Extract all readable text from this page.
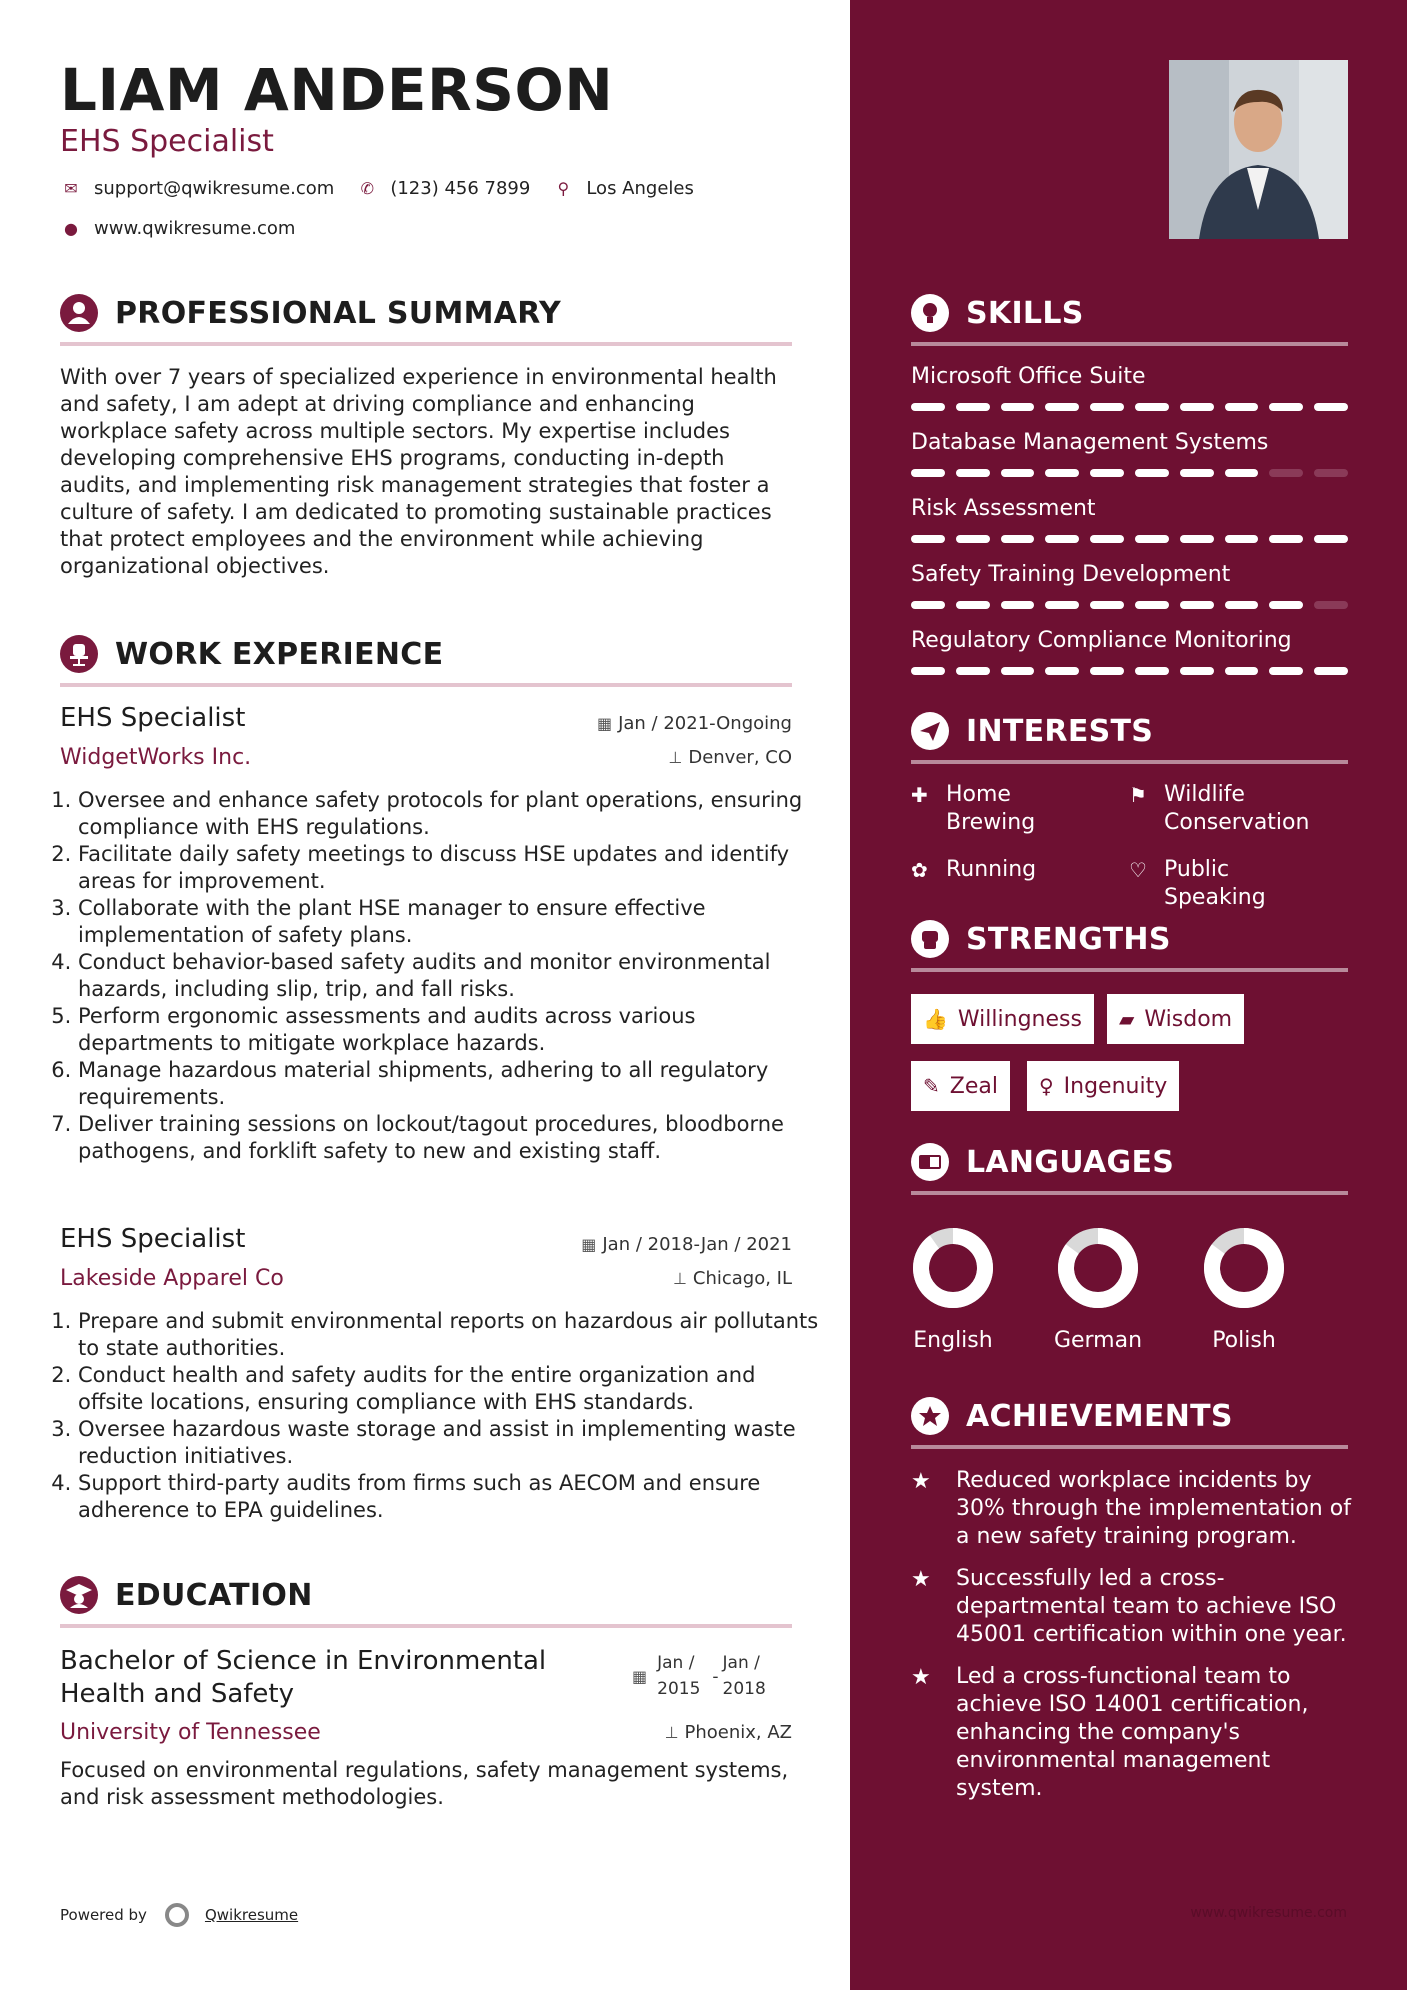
LIAM ANDERSON
EHS Specialist
✉ support@qwikresume.com ✆ (123) 456 7899	⚲ Los Angeles
● www.qwikresume.com
PROFESSIONAL SUMMARY

With over 7 years of specialized experience in environmental health and safety, I am adept at driving compliance and enhancing workplace safety across multiple sectors. My expertise includes developing comprehensive EHS programs, conducting in-depth audits, and implementing risk management strategies that foster a culture of safety. I am dedicated to promoting sustainable practices that protect employees and the environment while achieving organizational objectives.

WORK EXPERIENCE
EHS Specialist	▦ Jan / 2021-Ongoing
WidgetWorks Inc.	⊥ Denver, CO
1. Oversee and enhance safety protocols for plant operations, ensuring compliance with EHS regulations.
2. Facilitate daily safety meetings to discuss HSE updates and identify areas for improvement.
3. Collaborate with the plant HSE manager to ensure effective implementation of safety plans.
4. Conduct behavior-based safety audits and monitor environmental hazards, including slip, trip, and fall risks.
5. Perform ergonomic assessments and audits across various departments to mitigate workplace hazards.
6. Manage hazardous material shipments, adhering to all regulatory requirements.
7. Deliver training sessions on lockout/tagout procedures, bloodborne pathogens, and forklift safety to new and existing staff.
EHS Specialist	▦ Jan / 2018-Jan / 2021
Lakeside Apparel Co	⊥ Chicago, IL
1. Prepare and submit environmental reports on hazardous air pollutants to state authorities.
2. Conduct health and safety audits for the entire organization and offsite locations, ensuring compliance with EHS standards.
3. Oversee hazardous waste storage and assist in implementing waste reduction initiatives.
4. Support third-party audits from firms such as AECOM and ensure adherence to EPA guidelines.
EDUCATION
Bachelor of Science in Environmental
Health and Safety
▦
Jan /
2015
-
Jan /
2018
University of Tennessee	⊥ Phoenix, AZ

Focused on environmental regulations, safety management systems, and risk assessment methodologies.

Powered by	Qwikresume
SKILLS
Microsoft Office Suite
Database Management Systems
Risk Assessment
Safety Training Development
Regulatory Compliance Monitoring
INTERESTS
✚ Home Brewing
⚑ Wildlife Conservation
✿ Running	♡ Public Speaking
STRENGTHS
👍 Willingness	▰ Wisdom
✎ Zeal	♀ Ingenuity
LANGUAGES
English	German	Polish
ACHIEVEMENTS
★ Reduced workplace incidents by 30% through the implementation of a new safety training program.
★ Successfully led a cross-departmental team to achieve ISO 45001 certification within one year.
★ Led a cross-functional team to achieve ISO 14001 certification, enhancing the company's environmental management system.
www.qwikresume.com
